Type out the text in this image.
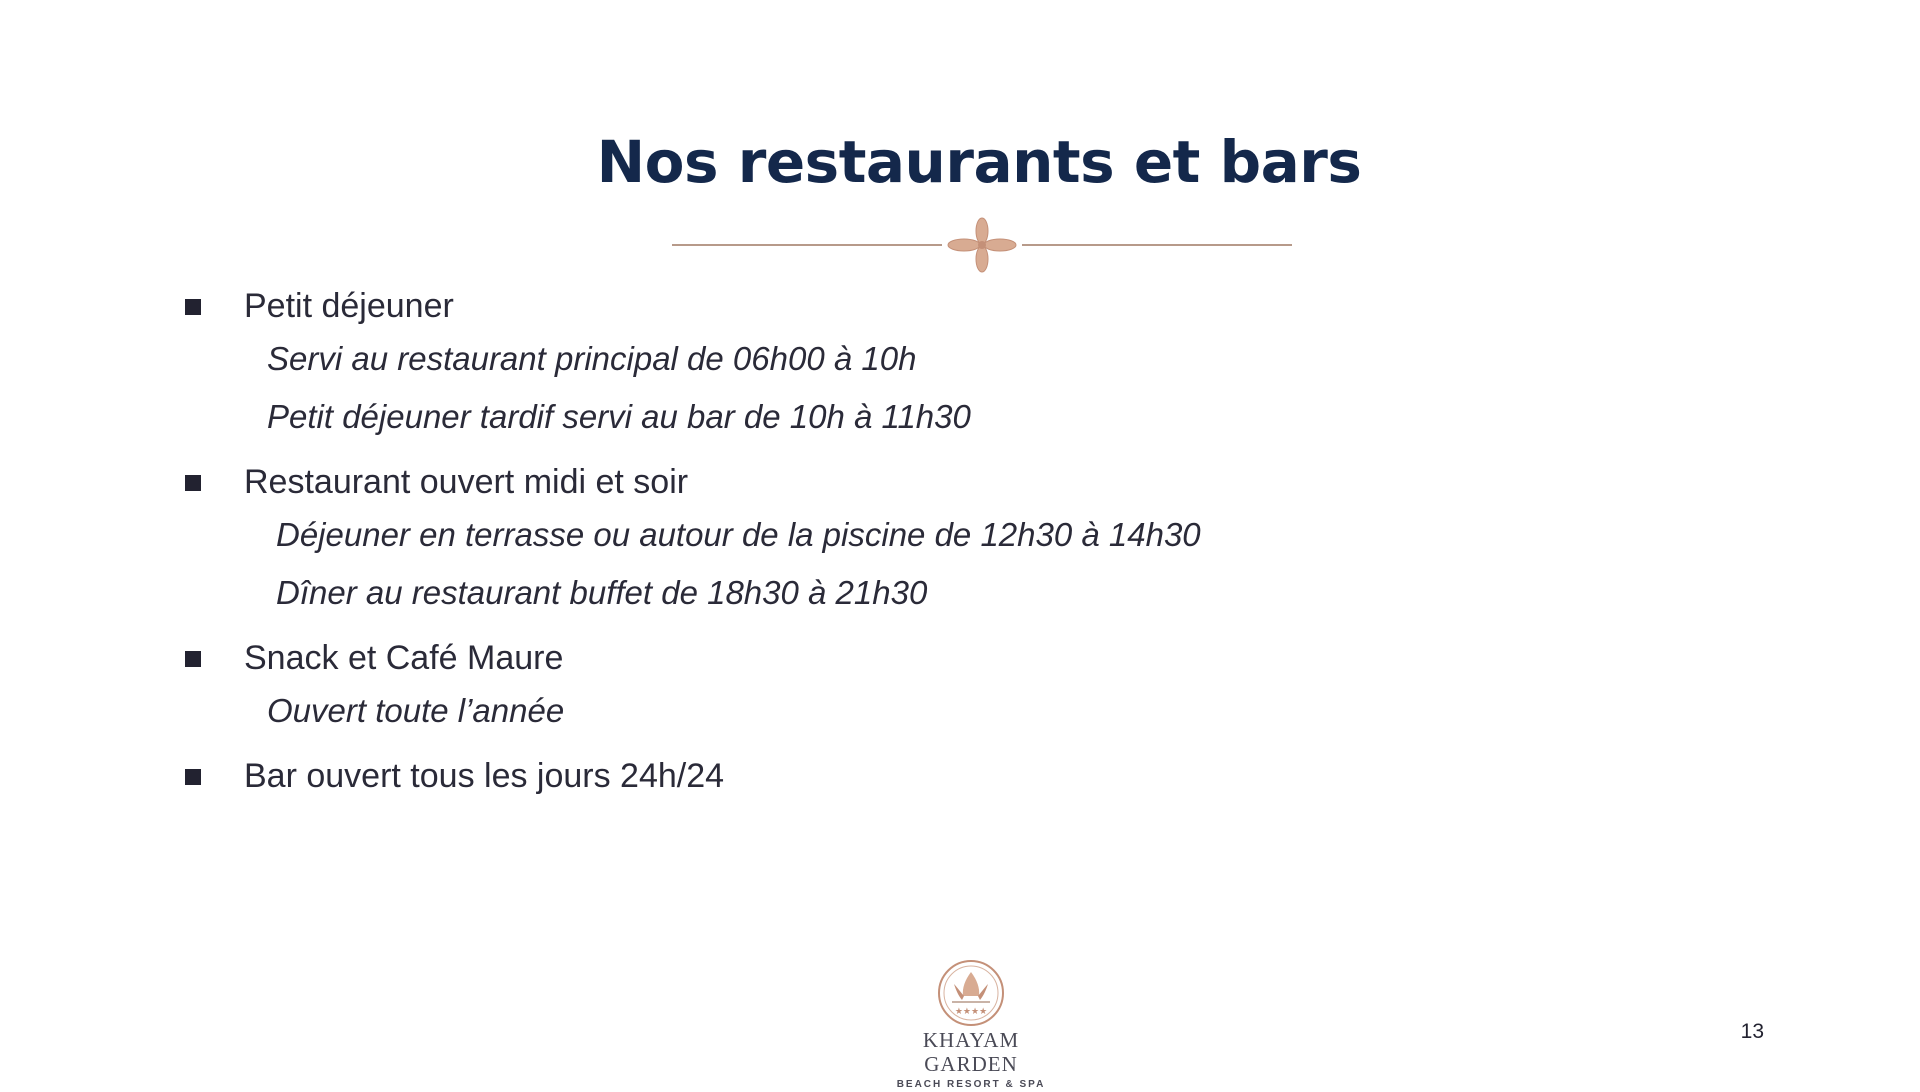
Nos restaurants et bars
Petit déjeuner
Servi au restaurant principal de 06h00 à 10h
Petit déjeuner tardif servi au bar de 10h à 11h30
Restaurant ouvert midi et soir
Déjeuner en terrasse ou autour de la piscine de 12h30 à 14h30
Dîner au restaurant buffet de 18h30 à 21h30
Snack et Café Maure
Ouvert toute l’année
Bar ouvert tous les jours 24h/24
★★★★
KHAYAM GARDEN
BEACH RESORT & SPA
13
